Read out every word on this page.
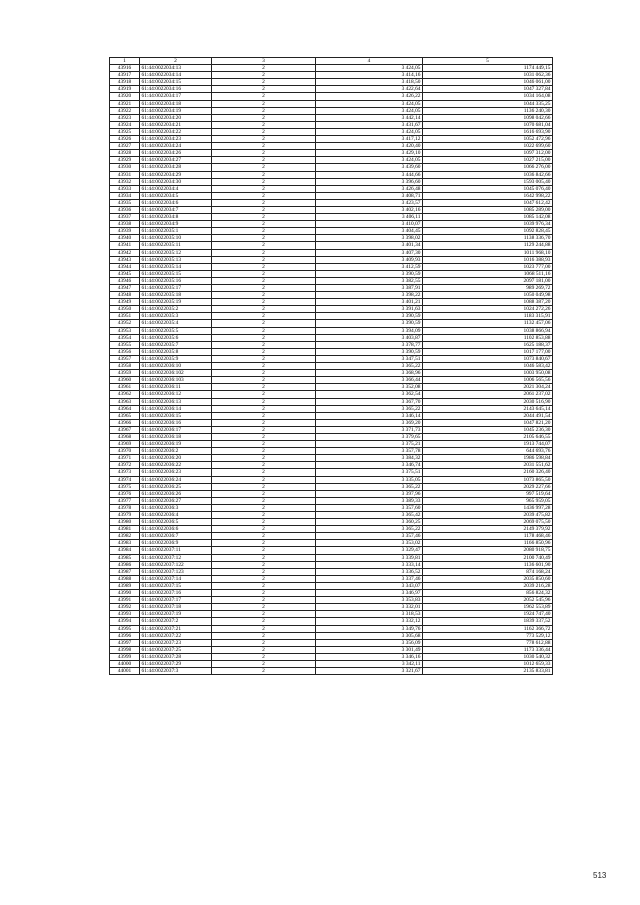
1	2	3	4	5
43916	61:44:0022034:13	2	3 424,05	1174 449,15
43917	61:44:0022034:14	2	3 414,16	1031 062,36
43918	61:44:0022034:15	2	3 418,50	1046 061,00
43919	61:44:0022034:16	2	3 422,64	1047 327,84
43920	61:44:0022034:17	2	3 426,22	1034 164,08
43921	61:44:0022034:18	2	3 424,05	1044 335,25
43922	61:44:0022034:19	2	3 424,05	1136 240,30
43923	61:44:0022034:20	2	3 442,14	1098 042,66
43924	61:44:0022034:21	2	3 431,67	1070 681,04
43925	61:44:0022034:22	2	3 424,05	1616 693,90
43926	61:44:0022034:23	2	3 417,12	1052 472,96
43927	61:44:0022034:24	2	3 420,40	1022 699,60
43928	61:44:0022034:26	2	3 429,10	1097 312,00
43929	61:44:0022034:27	2	3 424,05	1027 215,00
43930	61:44:0022034:28	2	3 439,60	1066 276,00
43931	61:44:0022034:29	2	3 444,66	1036 842,66
43932	61:44:0022034:30	2	3 396,60	1593 005,40
43933	61:44:0022034:4	2	3 426,48	1045 076,40
43934	61:44:0022034:5	2	3 408,71	1642 998,22
43935	61:44:0022034:6	2	3 423,57	1047 612,42
43936	61:44:0022034:7	2	3 402,16	1085 289,00
43937	61:44:0022034:8	2	3 406,11	1085 142,08
43938	61:44:0022034:9	2	3 410,07	1039 976,34
43939	61:44:0022035:1	2	3 404,45	1092 828,45
43940	61:44:0022035:10	2	3 398,02	1138 336,70
43941	61:44:0022035:11	2	3 401,34	1129 244,88
43942	61:44:0022035:12	2	3 407,30	1011 968,10
43943	61:44:0022035:13	2	3 409,93	1016 388,93
43944	61:44:0022035:14	2	3 412,59	1023 777,00
43945	61:44:0022035:15	2	3 390,59	1068 511,16
43946	61:44:0022035:16	2	3 382,55	2097 181,00
43947	61:44:0022035:17	2	3 387,91	989 269,72
43948	61:44:0022035:18	2	3 398,22	1050 049,98
43949	61:44:0022035:19	2	3 401,21	1088 387,20
43950	61:44:0022035:2	2	3 391,63	1024 272,26
43951	61:44:0022035:3	2	3 390,59	1183 315,91
43952	61:44:0022035:4	2	3 390,59	1132 457,06
43953	61:44:0022035:5	2	3 394,09	1038 866,94
43954	61:44:0022035:6	2	3 403,87	1102 853,88
43955	61:44:0022035:7	2	3 378,77	1625 188,37
43956	61:44:0022035:8	2	3 390,59	1017 177,00
43957	61:44:0022035:9	2	3 347,51	1073 840,67
43958	61:44:0022036:10	2	3 365,22	1046 583,42
43959	61:44:0022036:102	2	3 368,96	1003 950,08
43960	61:44:0022036:103	2	3 366,44	1006 565,56
43961	61:44:0022036:11	2	3 352,08	2021 304,24
43962	61:44:0022036:12	2	3 362,54	2061 237,02
43963	61:44:0022036:13	2	3 367,70	2030 516,90
43964	61:44:0022036:14	2	3 365,22	2143 645,14
43965	61:44:0022036:15	2	3 346,14	2044 491,54
43966	61:44:0022036:16	2	3 369,20	1047 821,20
43967	61:44:0022036:17	2	3 371,73	1045 236,30
43968	61:44:0022036:18	2	3 379,65	2105 646,55
43969	61:44:0022036:19	2	3 375,21	1913 744,07
43970	61:44:0022036:2	2	3 357,78	644 693,76
43971	61:44:0022036:20	2	3 384,32	1986 598,84
43972	61:44:0022036:22	2	3 346,74	2031 551,62
43973	61:44:0022036:23	2	3 375,51	2160 326,40
43974	61:44:0022036:24	2	3 335,05	1073 865,50
43975	61:44:0022036:25	2	3 365,22	2029 227,66
43976	61:44:0022036:26	2	3 397,96	997 519,64
43977	61:44:0022036:27	2	3 389,33	965 959,05
43978	61:44:0022036:3	2	3 357,60	1436 997,28
43979	61:44:0022036:4	2	3 365,42	2039 475,82
43980	61:44:0022036:5	2	3 360,25	2069 075,50
43981	61:44:0022036:6	2	3 365,22	2149 379,92
43982	61:44:0022036:7	2	3 357,46	1178 468,46
43983	61:44:0022036:9	2	3 353,02	1166 850,96
43984	61:44:0022037:11	2	3 329,47	2080 918,75
43985	61:44:0022037:12	2	3 339,81	2100 740,49
43986	61:44:0022037:122	2	3 333,14	1136 601,90
43987	61:44:0022037:123	2	3 336,52	874 168,24
43988	61:44:0022037:14	2	3 337,46	2035 850,60
43989	61:44:0022037:15	2	3 343,07	2039 216,28
43990	61:44:0022037:16	2	3 346,97	856 824,32
43991	61:44:0022037:17	2	3 353,83	2052 545,96
43992	61:44:0022037:18	2	3 332,01	1962 553,89
43993	61:44:0022037:19	2	3 318,53	1924 747,40
43994	61:44:0022037:2	2	3 332,12	1839 337,52
43995	61:44:0022037:21	2	3 349,76	1162 366,72
43996	61:44:0022037:22	2	3 305,68	773 529,12
43997	61:44:0022037:23	2	3 356,09	778 612,88
43998	61:44:0022037:25	2	3 301,49	1173 336,44
43999	61:44:0022037:28	2	3 346,16	1030 540,32
44000	61:44:0022037:29	2	3 342,11	1012 659,33
44001	61:44:0022037:3	2	3 321,67	2135 833,81
513
